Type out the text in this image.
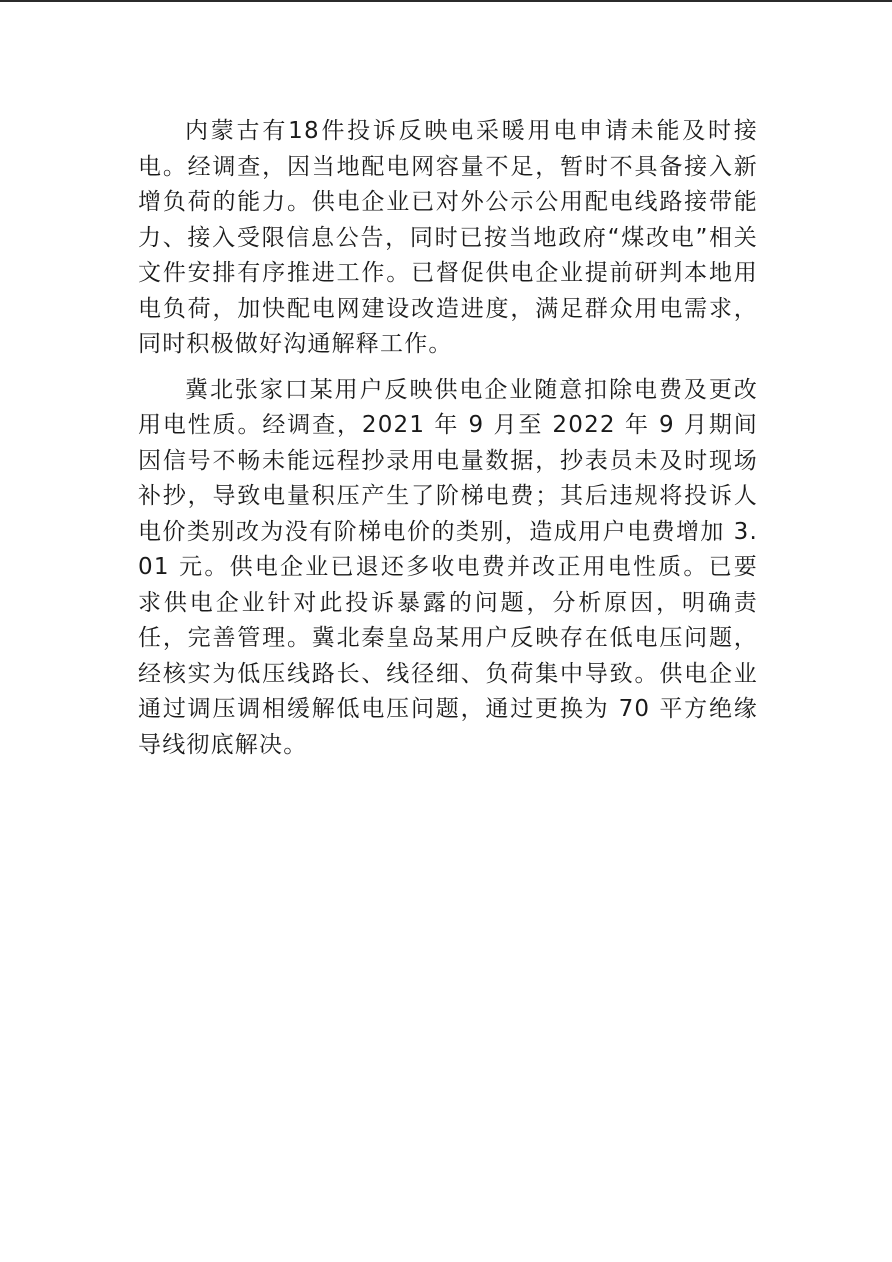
内蒙古有18件投诉反映电采暖用电申请未能及时接电。经调查，因当地配电网容量不足，暂时不具备接入新增负荷的能力。供电企业已对外公示公用配电线路接带能力、接入受限信息公告，同时已按当地政府“煤改电”相关文件安排有序推进工作。已督促供电企业提前研判本地用电负荷，加快配电网建设改造进度，满足群众用电需求，同时积极做好沟通解释工作。

冀北张家口某用户反映供电企业随意扣除电费及更改用电性质。经调查，2021 年 9 月至 2022 年 9 月期间因信号不畅未能远程抄录用电量数据，抄表员未及时现场补抄，导致电量积压产生了阶梯电费；其后违规将投诉人电价类别改为没有阶梯电价的类别，造成用户电费增加 3.01 元。供电企业已退还多收电费并改正用电性质。已要求供电企业针对此投诉暴露的问题，分析原因，明确责任，完善管理。冀北秦皇岛某用户反映存在低电压问题，经核实为低压线路长、线径细、负荷集中导致。供电企业通过调压调相缓解低电压问题，通过更换为 70 平方绝缘导线彻底解决。
